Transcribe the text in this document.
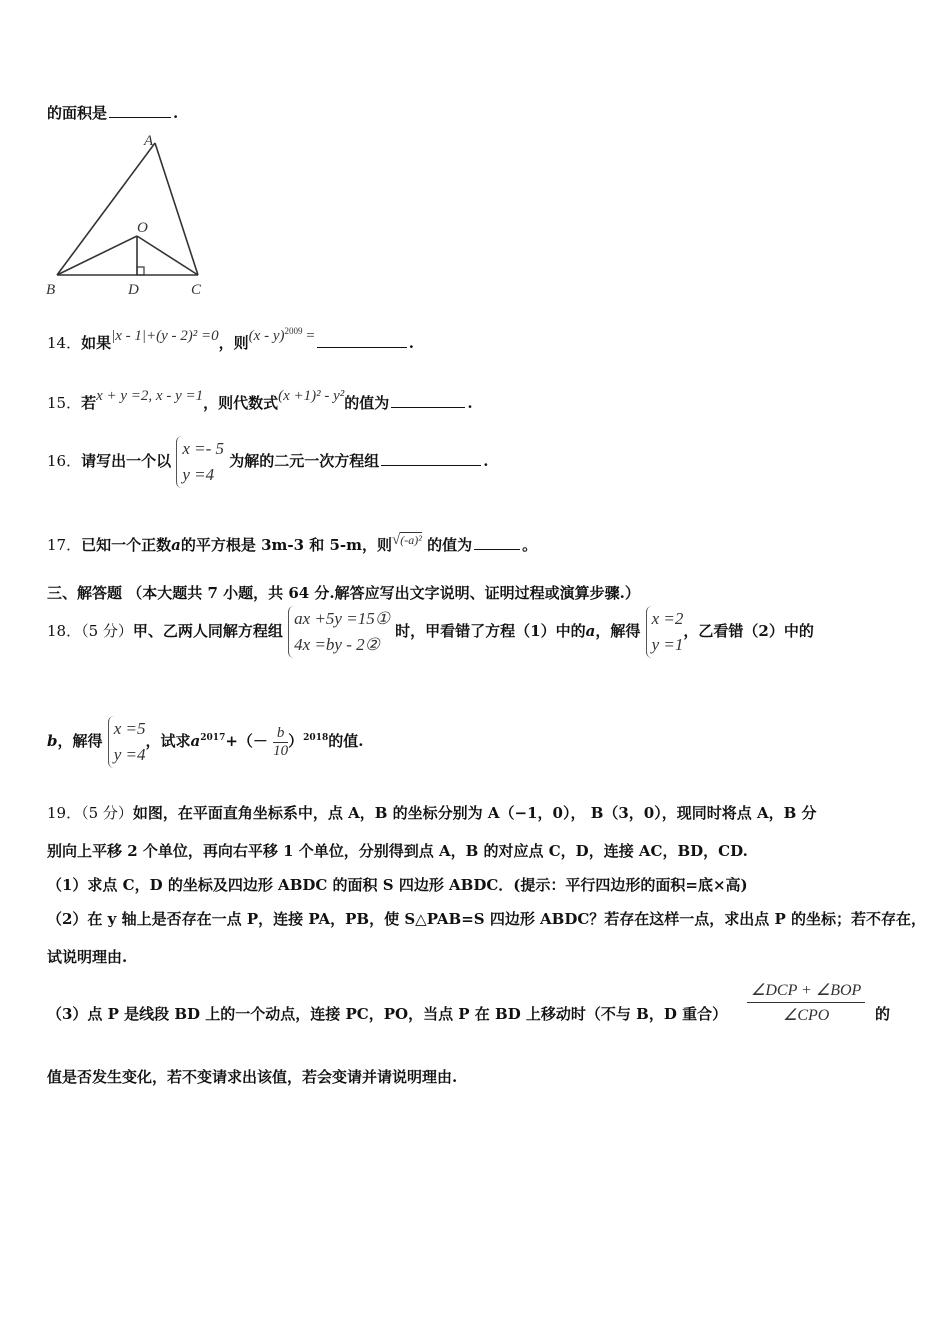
的面积是	.
A
O
B	D	C
14．如果|x - 1|+(y - 2)² =0，则(x - y)$^{2009}$ =	.
15．若x + y =2, x - y =1，则代数式(x +1)² - y²的值为	.
16．请写出一个以
x =- 5
y =4
为解的二元一次方程组	.
17．已知一个正数a的平方根是 3m-3 和 5-m，则√(-a)² 的值为	。
三、解答题 （本大题共 7 小题，共 64 分.解答应写出文字说明、证明过程或演算步骤.）
18．（5 分）甲、乙两人同解方程组
ax +5y =15①
4x =by - 2②
时，甲看错了方程（1）中的a，解得
x =2
y =1
，乙看错（2）中的
b，解得
x =5
y =4
，试求$a^{2017}+(- \frac{b}{10} )^{2018}$的值.
19．（5 分）如图，在平面直角坐标系中，点 A，B 的坐标分别为 A（−1，0）， B（3，0），现同时将点 A，B 分
别向上平移 2 个单位，再向右平移 1 个单位，分别得到点 A，B 的对应点 C，D，连接 AC，BD，CD.
（1）求点 C，D 的坐标及四边形 ABDC 的面积 S 四边形 ABDC．(提示：平行四边形的面积=底×高)
（2）在 y 轴上是否存在一点 P，连接 PA，PB，使 S△PAB=S 四边形 ABDC？若存在这样一点，求出点 P 的坐标；若不存在，
试说明理由.
（3）点 P 是线段 BD 上的一个动点，连接 PC，PO，当点 P 在 BD 上移动时（不与 B，D 重合）
∠DCP + ∠BOP
∠CPO	的
值是否发生变化，若不变请求出该值，若会变请并请说明理由.
